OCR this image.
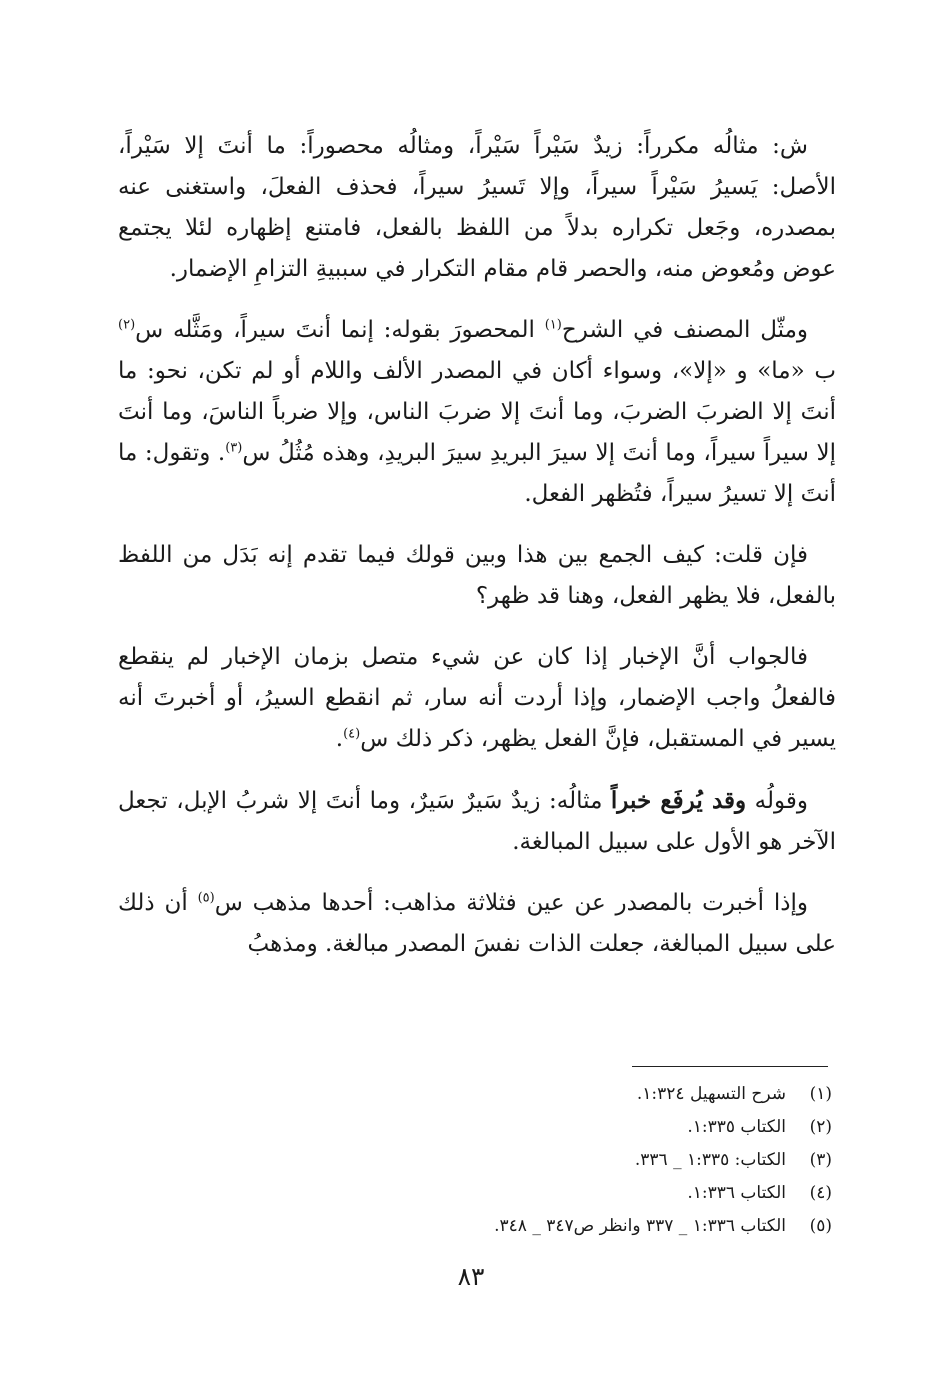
ش: مثالُه مكرراً: زيدٌ سَيْراً سَيْراً، ومثالُه محصوراً: ما أنتَ إلا سَيْراً، الأصل: يَسيرُ سَيْراً سيراً، وإلا تَسيرُ سيراً، فحذف الفعلَ، واستغنى عنه بمصدره، وجَعل تكراره بدلاً من اللفظ بالفعل، فامتنع إظهاره لئلا يجتمع عوض ومُعوض منه، والحصر قام مقام التكرار في سببيةِ التزامِ الإضمار.

ومثّل المصنف في الشرح$^{(١)}$ المحصورَ بقوله: إنما أنتَ سيراً، ومَثَّله س$^{(٢)}$ ب «ما» و «إلا»، وسواء أكان في المصدر الألف واللام أو لم تكن، نحو: ما أنتَ إلا الضربَ الضربَ، وما أنتَ إلا ضربَ الناس، وإلا ضرباً الناسَ، وما أنتَ إلا سيراً سيراً، وما أنتَ إلا سيرَ البريدِ سيرَ البريدِ، وهذه مُثُلُ س$^{(٣)}$. وتقول: ما أنتَ إلا تسيرُ سيراً، فتُظهر الفعل.

فإن قلت: كيف الجمع بين هذا وبين قولك فيما تقدم إنه بَدَل من اللفظ بالفعل، فلا يظهر الفعل، وهنا قد ظهر؟

فالجواب أنَّ الإخبار إذا كان عن شيء متصل بزمان الإخبار لم ينقطع فالفعلُ واجب الإضمار، وإذا أردت أنه سار، ثم انقطع السيرُ، أو أخبرتَ أنه يسير في المستقبل، فإنَّ الفعل يظهر، ذكر ذلك س$^{(٤)}$.

وقولُه وقد يُرفَع خبراً مثالُه: زيدٌ سَيرٌ سَيرٌ، وما أنتَ إلا شربُ الإبل، تجعل الآخر هو الأول على سبيل المبالغة.

وإذا أخبرت بالمصدر عن عين فثلاثة مذاهب: أحدها مذهب س$^{(٥)}$ أن ذلك على سبيل المبالغة، جعلت الذات نفسَ المصدر مبالغة. ومذهبُ

(١)شرح التسهيل ١:٣٢٤.
(٢)الكتاب ١:٣٣٥.
(٣)الكتاب: ١:٣٣٥ _ ٣٣٦.
(٤)الكتاب ١:٣٣٦.
(٥)الكتاب ١:٣٣٦ _ ٣٣٧ وانظر ص٣٤٧ _ ٣٤٨.
٨٣
